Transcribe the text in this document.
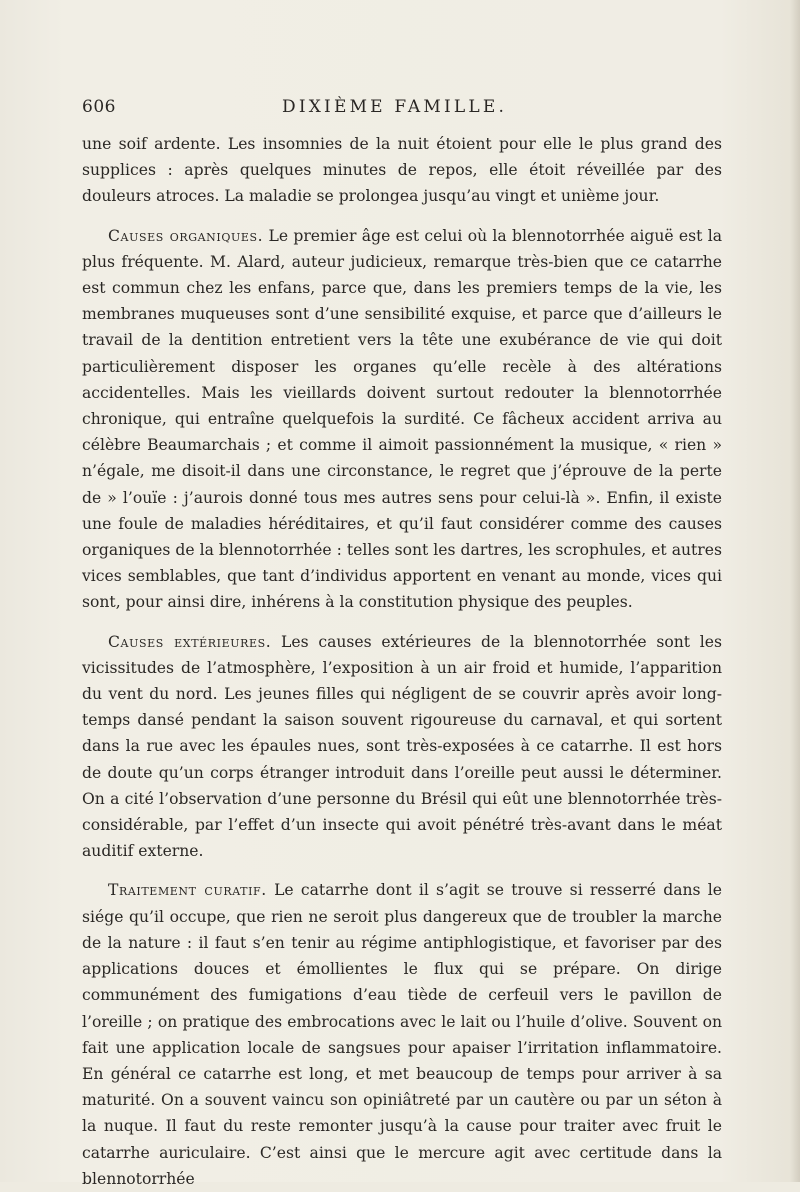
606	DIXIÈME FAMILLE.

une soif ardente. Les insomnies de la nuit étoient pour elle le plus grand des supplices : après quelques minutes de repos, elle étoit réveillée par des douleurs atroces. La maladie se prolongea jusqu’au vingt et unième jour.

Causes organiques. Le premier âge est celui où la blennotorrhée aiguë est la plus fréquente. M. Alard, auteur judicieux, remarque très-bien que ce catarrhe est commun chez les enfans, parce que, dans les premiers temps de la vie, les membranes muqueuses sont d’une sensibilité exquise, et parce que d’ailleurs le travail de la dentition entretient vers la tête une exubérance de vie qui doit particulièrement disposer les organes qu’elle recèle à des altérations accidentelles. Mais les vieillards doivent surtout redouter la blennotorrhée chronique, qui entraîne quelquefois la surdité. Ce fâcheux accident arriva au célèbre Beaumarchais ; et comme il aimoit passionnément la musique, « rien » n’égale, me disoit-il dans une circonstance, le regret que j’éprouve de la perte de » l’ouïe : j’aurois donné tous mes autres sens pour celui-là ». Enfin, il existe une foule de maladies héréditaires, et qu’il faut considérer comme des causes organiques de la blennotorrhée : telles sont les dartres, les scrophules, et autres vices semblables, que tant d’individus apportent en venant au monde, vices qui sont, pour ainsi dire, inhérens à la constitution physique des peuples.

Causes extérieures. Les causes extérieures de la blennotorrhée sont les vicissitudes de l’atmosphère, l’exposition à un air froid et humide, l’apparition du vent du nord. Les jeunes filles qui négligent de se couvrir après avoir long-temps dansé pendant la saison souvent rigoureuse du carnaval, et qui sortent dans la rue avec les épaules nues, sont très-exposées à ce catarrhe. Il est hors de doute qu’un corps étranger introduit dans l’oreille peut aussi le déterminer. On a cité l’observation d’une personne du Brésil qui eût une blennotorrhée très-considérable, par l’effet d’un insecte qui avoit pénétré très-avant dans le méat auditif externe.

Traitement curatif. Le catarrhe dont il s’agit se trouve si resserré dans le siége qu’il occupe, que rien ne seroit plus dangereux que de troubler la marche de la nature : il faut s’en tenir au régime antiphlogistique, et favoriser par des applications douces et émollientes le flux qui se prépare. On dirige communément des fumigations d’eau tiède de cerfeuil vers le pavillon de l’oreille ; on pratique des embrocations avec le lait ou l’huile d’olive. Souvent on fait une application locale de sangsues pour apaiser l’irritation inflammatoire. En général ce catarrhe est long, et met beaucoup de temps pour arriver à sa maturité. On a souvent vaincu son opiniâtreté par un cautère ou par un séton à la nuque. Il faut du reste remonter jusqu’à la cause pour traiter avec fruit le catarrhe auriculaire. C’est ainsi que le mercure agit avec certitude dans la blennotorrhée
